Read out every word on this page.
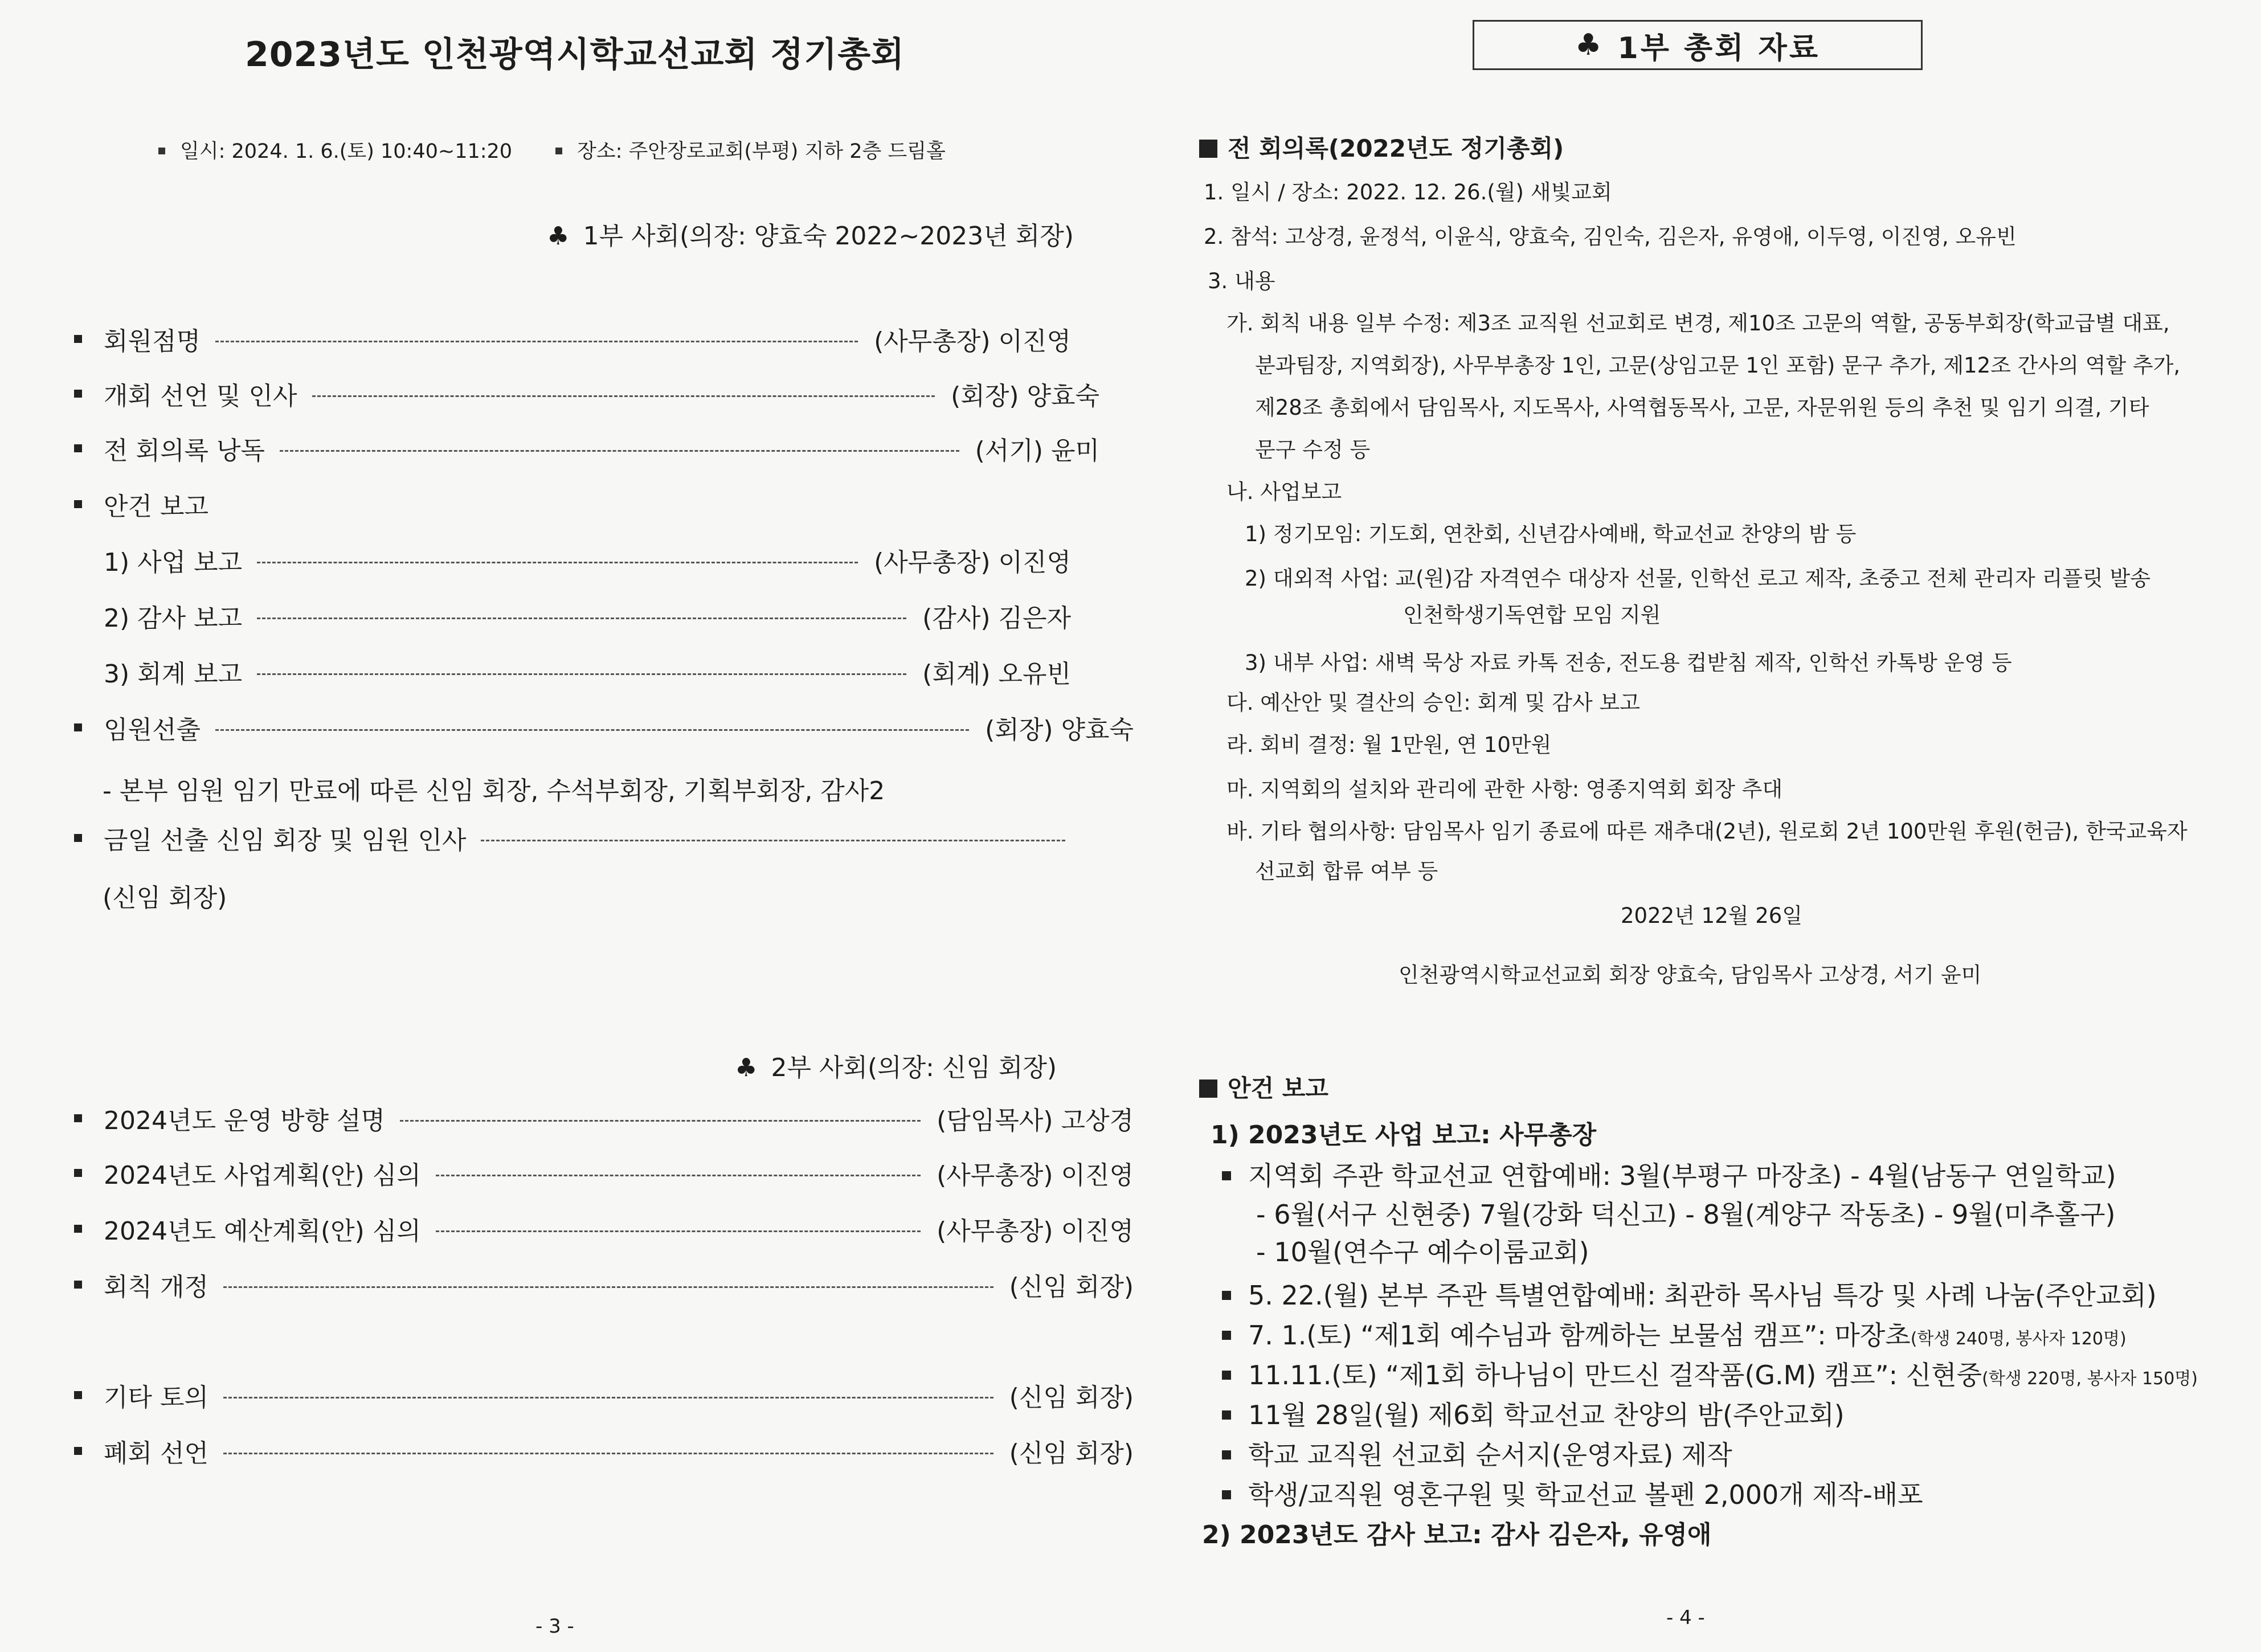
2023년도 인천광역시학교선교회 정기총회
일시: 2024. 1. 6.(토) 10:40~11:20	장소: 주안장로교회(부평) 지하 2층 드림홀
♣ 1부 사회(의장: 양효숙 2022~2023년 회장)
회원점명	(사무총장) 이진영
개회 선언 및 인사	(회장) 양효숙
전 회의록 낭독	(서기) 윤미
안건 보고
1) 사업 보고	(사무총장) 이진영
2) 감사 보고	(감사) 김은자
3) 회계 보고	(회계) 오유빈
임원선출	(회장) 양효숙
- 본부 임원 임기 만료에 따른 신임 회장, 수석부회장, 기획부회장, 감사2
금일 선출 신임 회장 및 임원 인사
(신임 회장)
♣ 2부 사회(의장: 신임 회장)
2024년도 운영 방향 설명	(담임목사) 고상경
2024년도 사업계획(안) 심의	(사무총장) 이진영
2024년도 예산계획(안) 심의	(사무총장) 이진영
회칙 개정	(신임 회장)
기타 토의	(신임 회장)
폐회 선언	(신임 회장)
- 3 -
♣ 1부 총회 자료
전 회의록(2022년도 정기총회)
1. 일시 / 장소: 2022. 12. 26.(월) 새빛교회
2. 참석: 고상경, 윤정석, 이윤식, 양효숙, 김인숙, 김은자, 유영애, 이두영, 이진영, 오유빈
3. 내용
가. 회칙 내용 일부 수정: 제3조 교직원 선교회로 변경, 제10조 고문의 역할, 공동부회장(학교급별 대표,
분과팀장, 지역회장), 사무부총장 1인, 고문(상임고문 1인 포함) 문구 추가, 제12조 간사의 역할 추가,
제28조 총회에서 담임목사, 지도목사, 사역협동목사, 고문, 자문위원 등의 추천 및 임기 의결, 기타
문구 수정 등
나. 사업보고
1) 정기모임: 기도회, 연찬회, 신년감사예배, 학교선교 찬양의 밤 등
2) 대외적 사업: 교(원)감 자격연수 대상자 선물, 인학선 로고 제작, 초중고 전체 관리자 리플릿 발송
인천학생기독연합 모임 지원
3) 내부 사업: 새벽 묵상 자료 카톡 전송, 전도용 컵받침 제작, 인학선 카톡방 운영 등
다. 예산안 및 결산의 승인: 회계 및 감사 보고
라. 회비 결정: 월 1만원, 연 10만원
마. 지역회의 설치와 관리에 관한 사항: 영종지역회 회장 추대
바. 기타 협의사항: 담임목사 임기 종료에 따른 재추대(2년), 원로회 2년 100만원 후원(헌금), 한국교육자
선교회 합류 여부 등
2022년 12월 26일
인천광역시학교선교회 회장 양효숙, 담임목사 고상경, 서기 윤미
안건 보고
1) 2023년도 사업 보고: 사무총장
지역회 주관 학교선교 연합예배: 3월(부평구 마장초) - 4월(남동구 연일학교)
- 6월(서구 신현중) 7월(강화 덕신고) - 8월(계양구 작동초) - 9월(미추홀구)
- 10월(연수구 예수이룸교회)
5. 22.(월) 본부 주관 특별연합예배: 최관하 목사님 특강 및 사례 나눔(주안교회)
7. 1.(토) “제1회 예수님과 함께하는 보물섬 캠프”: 마장초(학생 240명, 봉사자 120명)
11.11.(토) “제1회 하나님이 만드신 걸작품(G.M) 캠프”: 신현중(학생 220명, 봉사자 150명)
11월 28일(월) 제6회 학교선교 찬양의 밤(주안교회)
학교 교직원 선교회 순서지(운영자료) 제작
학생/교직원 영혼구원 및 학교선교 볼펜 2,000개 제작-배포
2) 2023년도 감사 보고: 감사 김은자, 유영애
- 4 -
